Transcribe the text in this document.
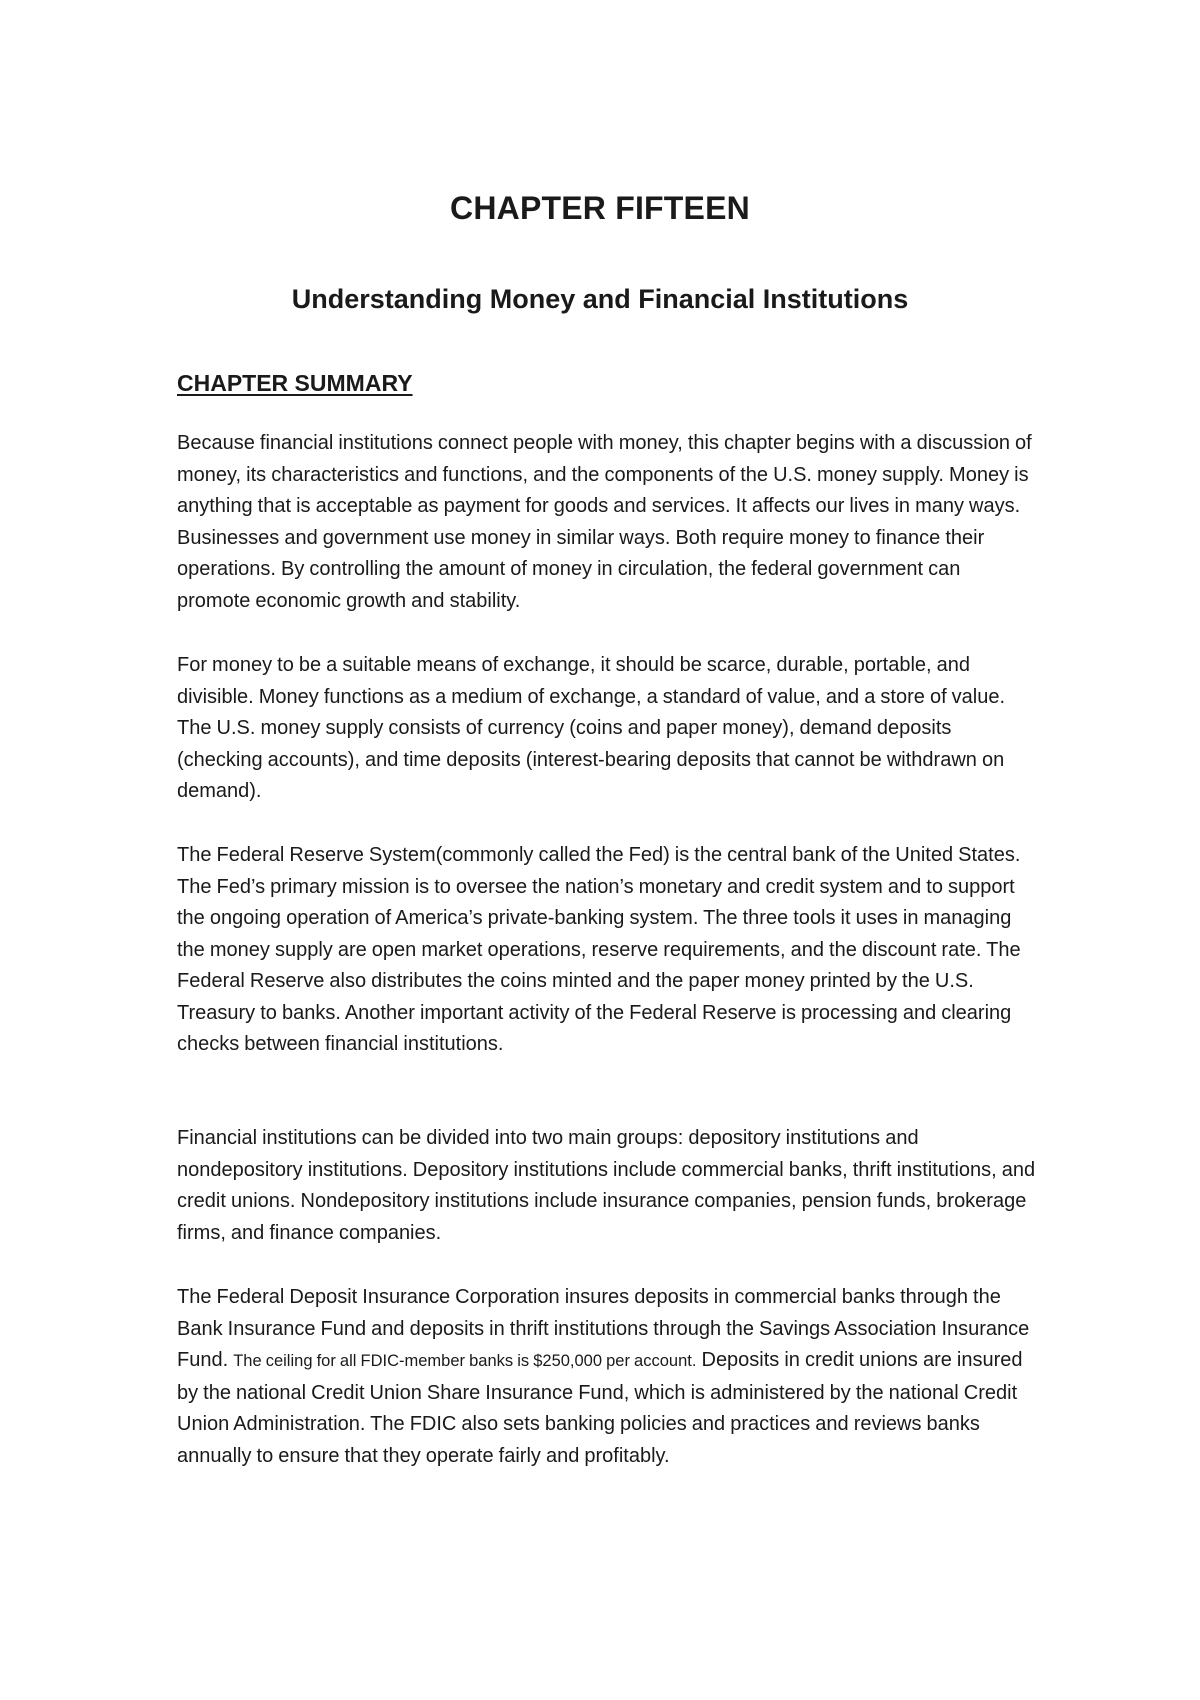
CHAPTER FIFTEEN
Understanding Money and Financial Institutions
CHAPTER SUMMARY

Because financial institutions connect people with money, this chapter begins with a discussion of money, its characteristics and functions, and the components of the U.S. money supply. Money is anything that is acceptable as payment for goods and services. It affects our lives in many ways. Businesses and government use money in similar ways. Both require money to finance their operations. By controlling the amount of money in circulation, the federal government can promote economic growth and stability.

For money to be a suitable means of exchange, it should be scarce, durable, portable, and divisible. Money functions as a medium of exchange, a standard of value, and a store of value. The U.S. money supply consists of currency (coins and paper money), demand deposits (checking accounts), and time deposits (interest-bearing deposits that cannot be withdrawn on demand).

The Federal Reserve System(commonly called the Fed) is the central bank of the United States. The Fed’s primary mission is to oversee the nation’s monetary and credit system and to support the ongoing operation of America’s private-banking system. The three tools it uses in managing the money supply are open market operations, reserve requirements, and the discount rate. The Federal Reserve also distributes the coins minted and the paper money printed by the U.S. Treasury to banks. Another important activity of the Federal Reserve is processing and clearing checks between financial institutions.

Financial institutions can be divided into two main groups: depository institutions and nondepository institutions. Depository institutions include commercial banks, thrift institutions, and credit unions. Nondepository institutions include insurance companies, pension funds, brokerage firms, and finance companies.

The Federal Deposit Insurance Corporation insures deposits in commercial banks through the Bank Insurance Fund and deposits in thrift institutions through the Savings Association Insurance Fund. The ceiling for all FDIC-member banks is $250,000 per account. Deposits in credit unions are insured by the national Credit Union Share Insurance Fund, which is administered by the national Credit Union Administration. The FDIC also sets banking policies and practices and reviews banks annually to ensure that they operate fairly and profitably.
